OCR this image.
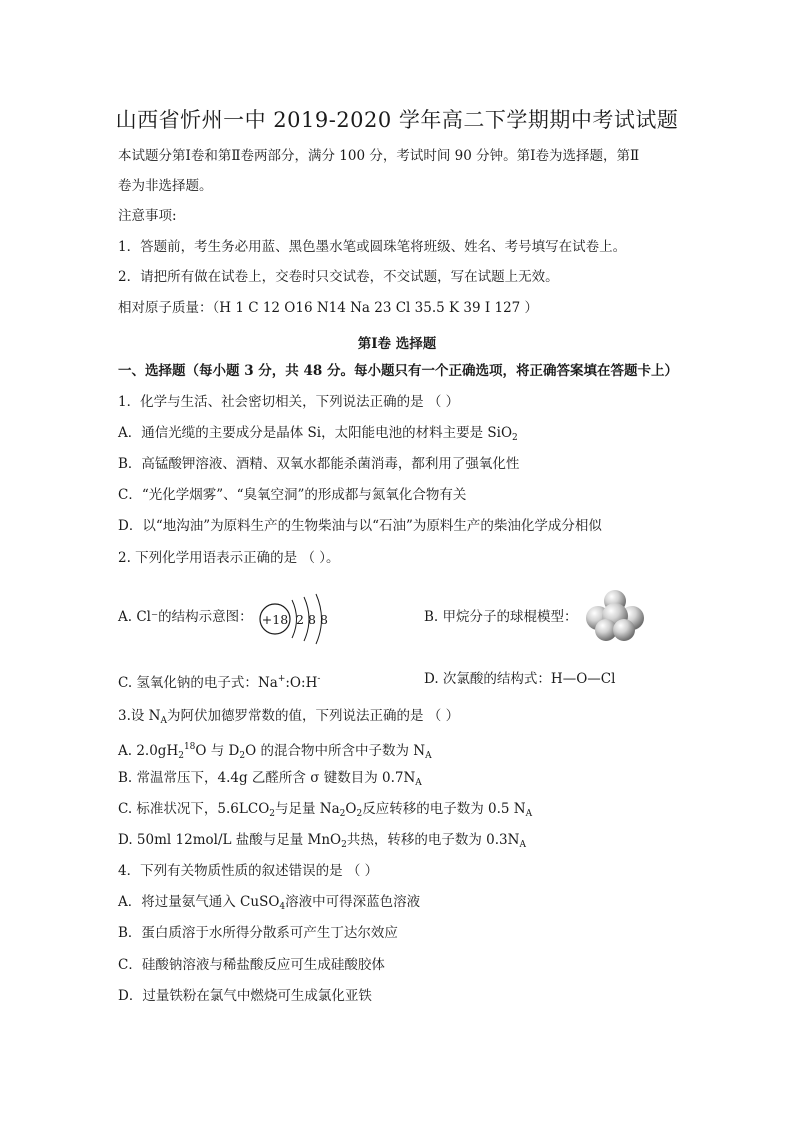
山西省忻州一中 2019-2020 学年高二下学期期中考试试题
本试题分第Ⅰ卷和第Ⅱ卷两部分，满分 100 分，考试时间 90 分钟。第Ⅰ卷为选择题，第Ⅱ
卷为非选择题。
注意事项:
1．答题前，考生务必用蓝、黑色墨水笔或圆珠笔将班级、姓名、考号填写在试卷上。
2．请把所有做在试卷上，交卷时只交试卷，不交试题，写在试题上无效。
相对原子质量：（H 1 C 12 O16 N14 Na 23 Cl 35.5 K 39 I 127 ）
第Ⅰ卷 选择题
一、选择题（每小题 3 分，共 48 分。每小题只有一个正确选项，将正确答案填在答题卡上）
1．化学与生活、社会密切相关，下列说法正确的是 （ ）
A．通信光缆的主要成分是晶体 Si，太阳能电池的材料主要是 SiO$_2$
B．高锰酸钾溶液、酒精、双氧水都能杀菌消毒，都利用了强氧化性
C．“光化学烟雾”、“臭氧空洞”的形成都与氮氧化合物有关
D．以“地沟油”为原料生产的生物柴油与以“石油”为原料生产的柴油化学成分相似
2. 下列化学用语表示正确的是 （ ）。
A. Cl⁻的结构示意图： +18 2 8 8	B. 甲烷分子的球棍模型：
C. 氢氧化钠的电子式：Na+:O:H-	D. 次氯酸的结构式：H—O—Cl
3.设 $N_A$为阿伏加德罗常数的值，下列说法正确的是 （ ）
A. $2.0gH_2^{18}O$ 与 $D_2O$ 的混合物中所含中子数为 $N_A$
B. 常温常压下，4.4g 乙醛所含 σ 键数目为 $0.7N_A$
C. 标准状况下，$5.6LCO_2$与足量 $Na_2O_2$反应转移的电子数为 0.5 $N_A$
D. 50ml 12mol/L 盐酸与足量 MnO$_2$共热，转移的电子数为 $0.3N_A$
4．下列有关物质性质的叙述错误的是 （ ）
A．将过量氨气通入 CuSO$_4$溶液中可得深蓝色溶液
B．蛋白质溶于水所得分散系可产生丁达尔效应
C．硅酸钠溶液与稀盐酸反应可生成硅酸胶体
D．过量铁粉在氯气中燃烧可生成氯化亚铁
